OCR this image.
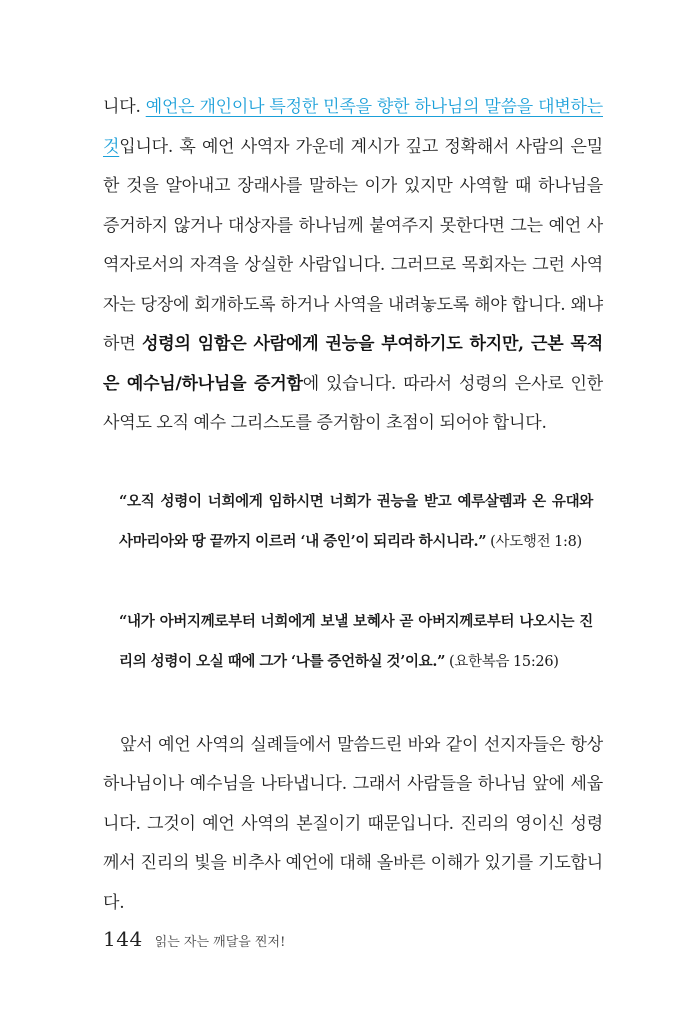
니다. 예언은 개인이나 특정한 민족을 향한 하나님의 말씀을 대변하는 것입니다. 혹 예언 사역자 가운데 계시가 깊고 정확해서 사람의 은밀한 것을 알아내고 장래사를 말하는 이가 있지만 사역할 때 하나님을 증거하지 않거나 대상자를 하나님께 붙여주지 못한다면 그는 예언 사역자로서의 자격을 상실한 사람입니다. 그러므로 목회자는 그런 사역자는 당장에 회개하도록 하거나 사역을 내려놓도록 해야 합니다. 왜냐하면 성령의 임함은 사람에게 권능을 부여하기도 하지만, 근본 목적은 예수님/하나님을 증거함에 있습니다. 따라서 성령의 은사로 인한 사역도 오직 예수 그리스도를 증거함이 초점이 되어야 합니다.

“오직 성령이 너희에게 임하시면 너희가 권능을 받고 예루살렘과 온 유대와 사마리아와 땅 끝까지 이르러 ‘내 증인’이 되리라 하시니라.” (사도행전 1:8)

“내가 아버지께로부터 너희에게 보낼 보혜사 곧 아버지께로부터 나오시는 진리의 성령이 오실 때에 그가 ‘나를 증언하실 것’이요.” (요한복음 15:26)

앞서 예언 사역의 실례들에서 말씀드린 바와 같이 선지자들은 항상 하나님이나 예수님을 나타냅니다. 그래서 사람들을 하나님 앞에 세웁니다. 그것이 예언 사역의 본질이기 때문입니다. 진리의 영이신 성령께서 진리의 빛을 비추사 예언에 대해 올바른 이해가 있기를 기도합니다.

144 읽는 자는 깨달을 찐저!
